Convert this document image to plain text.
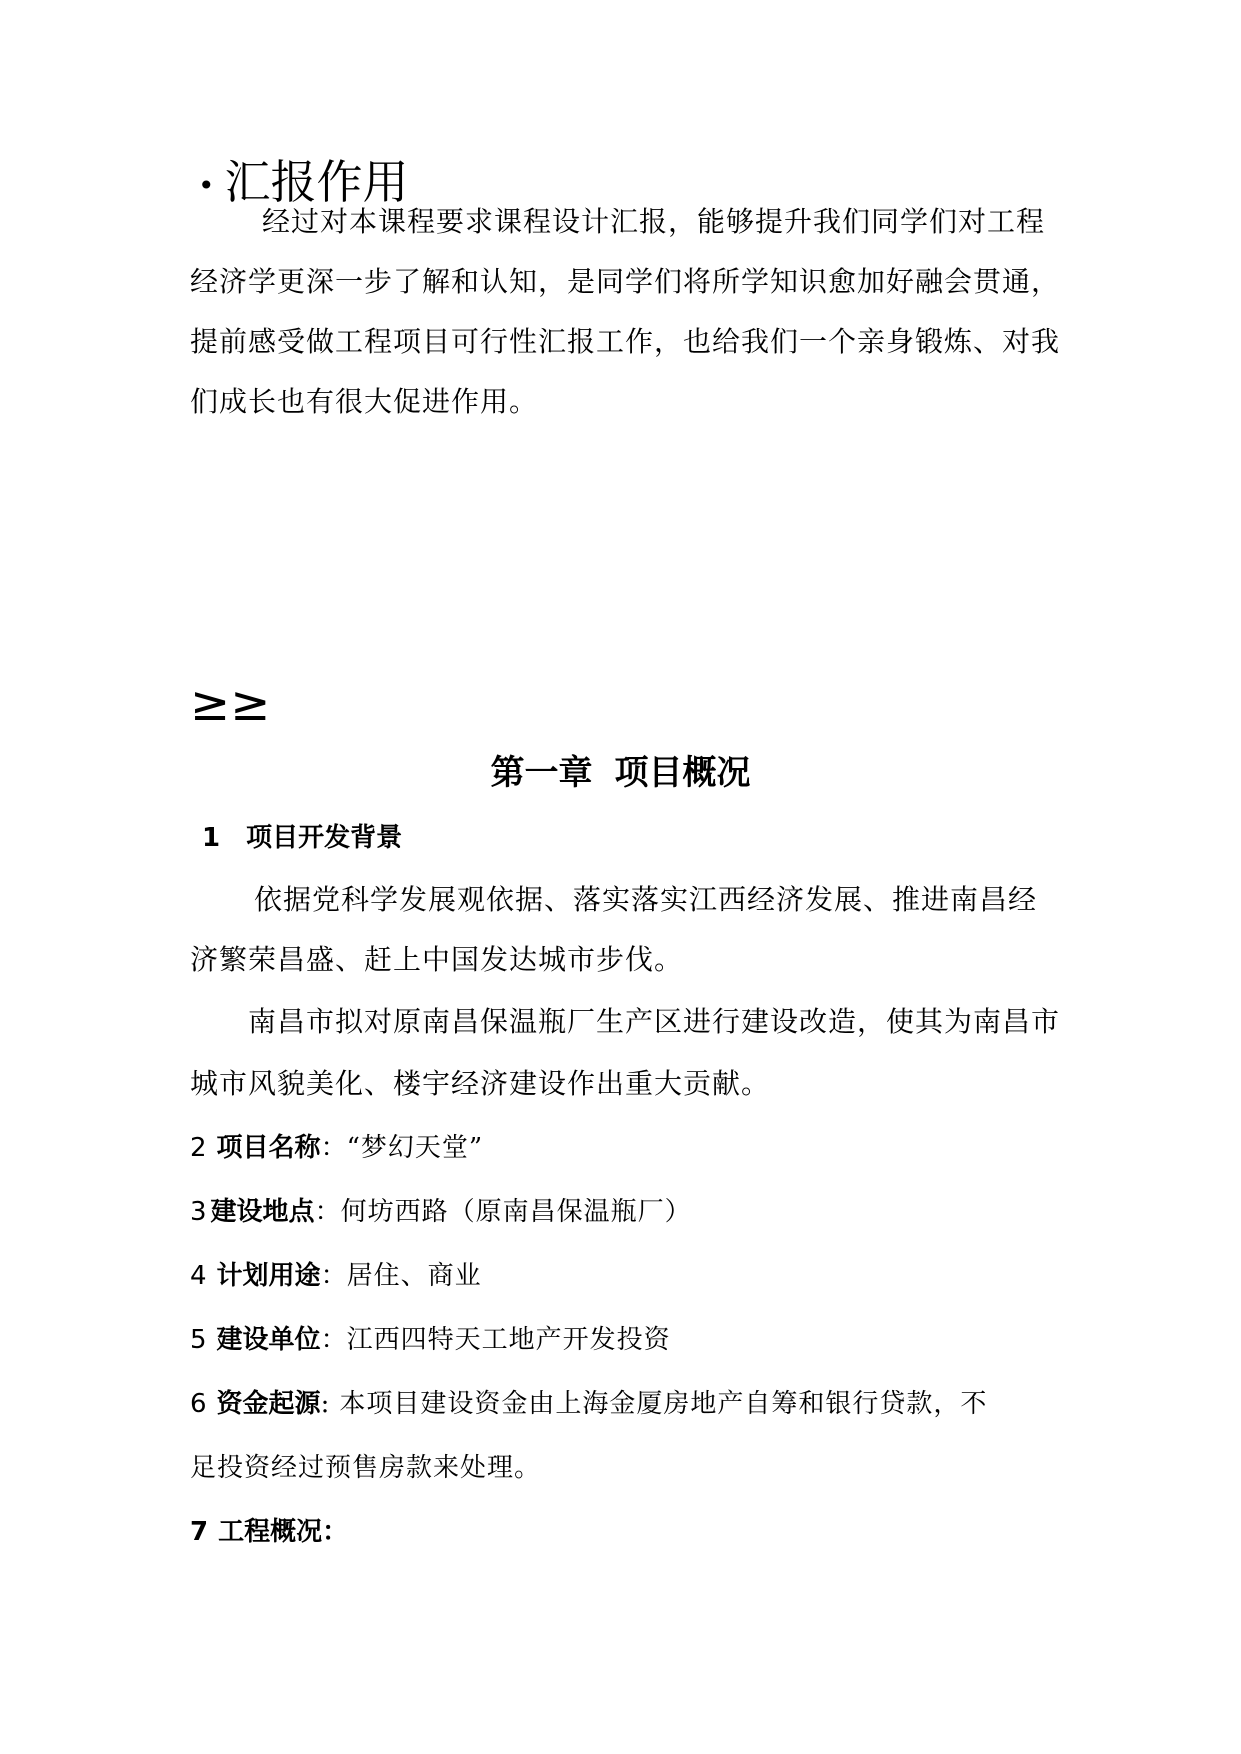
• 汇报作用
经过对本课程要求课程设计汇报，能够提升我们同学们对工程
经济学更深一步了解和认知，是同学们将所学知识愈加好融会贯通，
提前感受做工程项目可行性汇报工作，也给我们一个亲身锻炼、对我
们成长也有很大促进作用。
≥≥
第一章 项目概况
1 项目开发背景
依据党科学发展观依据、落实落实江西经济发展、推进南昌经
济繁荣昌盛、赶上中国发达城市步伐。
南昌市拟对原南昌保温瓶厂生产区进行建设改造，使其为南昌市
城市风貌美化、楼宇经济建设作出重大贡献。
2 项目名称：“梦幻天堂”
3 建设地点：何坊西路（原南昌保温瓶厂）
4 计划用途：居住、商业
5 建设单位：江西四特天工地产开发投资
6 资金起源: 本项目建设资金由上海金厦房地产自筹和银行贷款，不
足投资经过预售房款来处理。
7 工程概况：
